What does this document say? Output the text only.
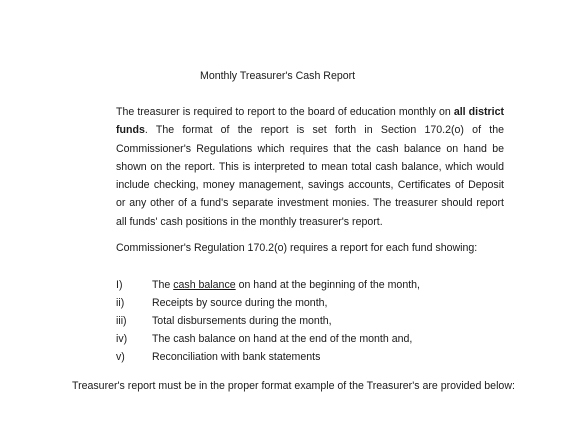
Monthly Treasurer's Cash Report
The treasurer is required to report to the board of education monthly on all district funds. The format of the report is set forth in Section 170.2(o) of the Commissioner's Regulations which requires that the cash balance on hand be shown on the report. This is interpreted to mean total cash balance, which would include checking, money management, savings accounts, Certificates of Deposit or any other of a fund's separate investment monies. The treasurer should report all funds' cash positions in the monthly treasurer's report.
Commissioner's Regulation 170.2(o) requires a report for each fund showing:
I)	The cash balance on hand at the beginning of the month,
ii)	Receipts by source during the month,
iii) Total disbursements during the month,
iv) The cash balance on hand at the end of the month and,
v)	Reconciliation with bank statements
Treasurer's report must be in the proper format example of the Treasurer's are provided below:
